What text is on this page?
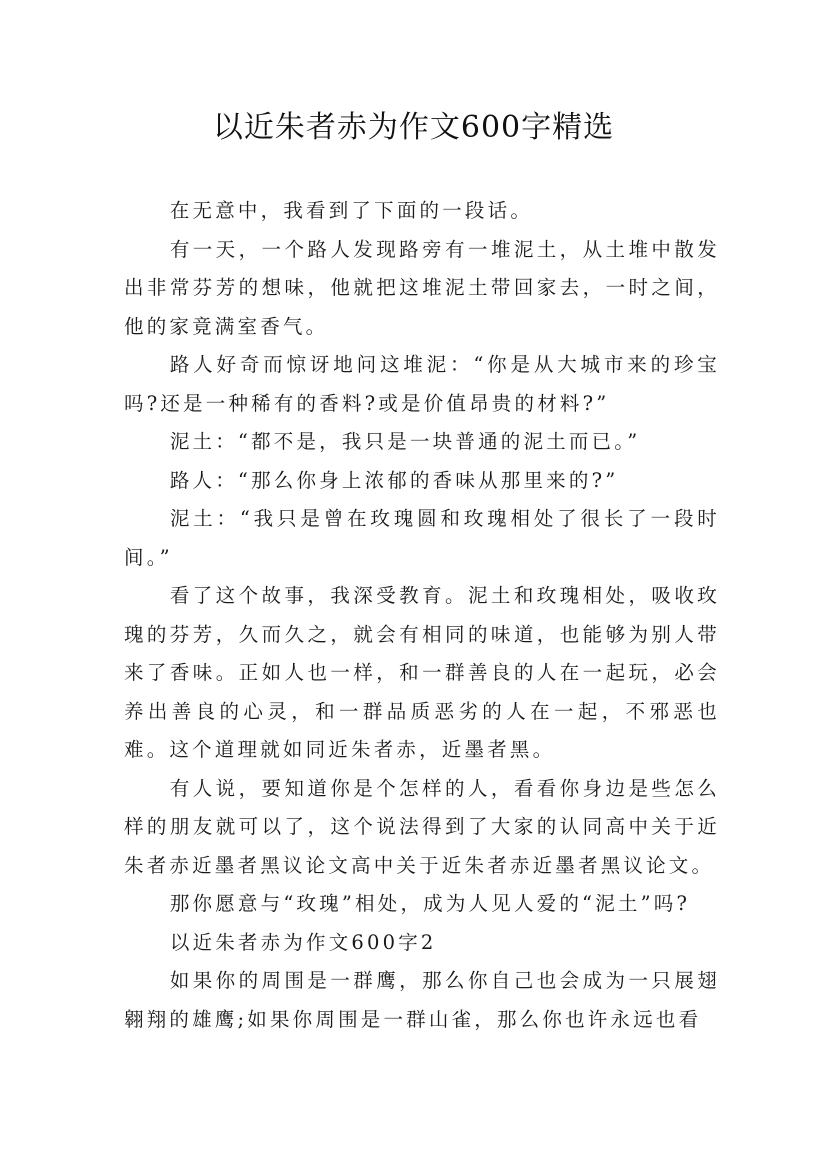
以近朱者赤为作文600字精选

在无意中，我看到了下面的一段话。

有一天，一个路人发现路旁有一堆泥土，从土堆中散发出非常芬芳的想味，他就把这堆泥土带回家去，一时之间，他的家竟满室香气。

路人好奇而惊讶地问这堆泥：“你是从大城市来的珍宝吗?还是一种稀有的香料?或是价值昂贵的材料?”

泥土：“都不是，我只是一块普通的泥土而已。”

路人：“那么你身上浓郁的香味从那里来的?”

泥土：“我只是曾在玫瑰圆和玫瑰相处了很长了一段时间。”

看了这个故事，我深受教育。泥土和玫瑰相处，吸收玫瑰的芬芳，久而久之，就会有相同的味道，也能够为别人带来了香味。正如人也一样，和一群善良的人在一起玩，必会养出善良的心灵，和一群品质恶劣的人在一起，不邪恶也难。这个道理就如同近朱者赤，近墨者黑。

有人说，要知道你是个怎样的人，看看你身边是些怎么样的朋友就可以了，这个说法得到了大家的认同高中关于近朱者赤近墨者黑议论文高中关于近朱者赤近墨者黑议论文。

那你愿意与“玫瑰”相处，成为人见人爱的“泥土”吗?

以近朱者赤为作文600字2

如果你的周围是一群鹰，那么你自己也会成为一只展翅翱翔的雄鹰;如果你周围是一群山雀，那么你也许永远也看
